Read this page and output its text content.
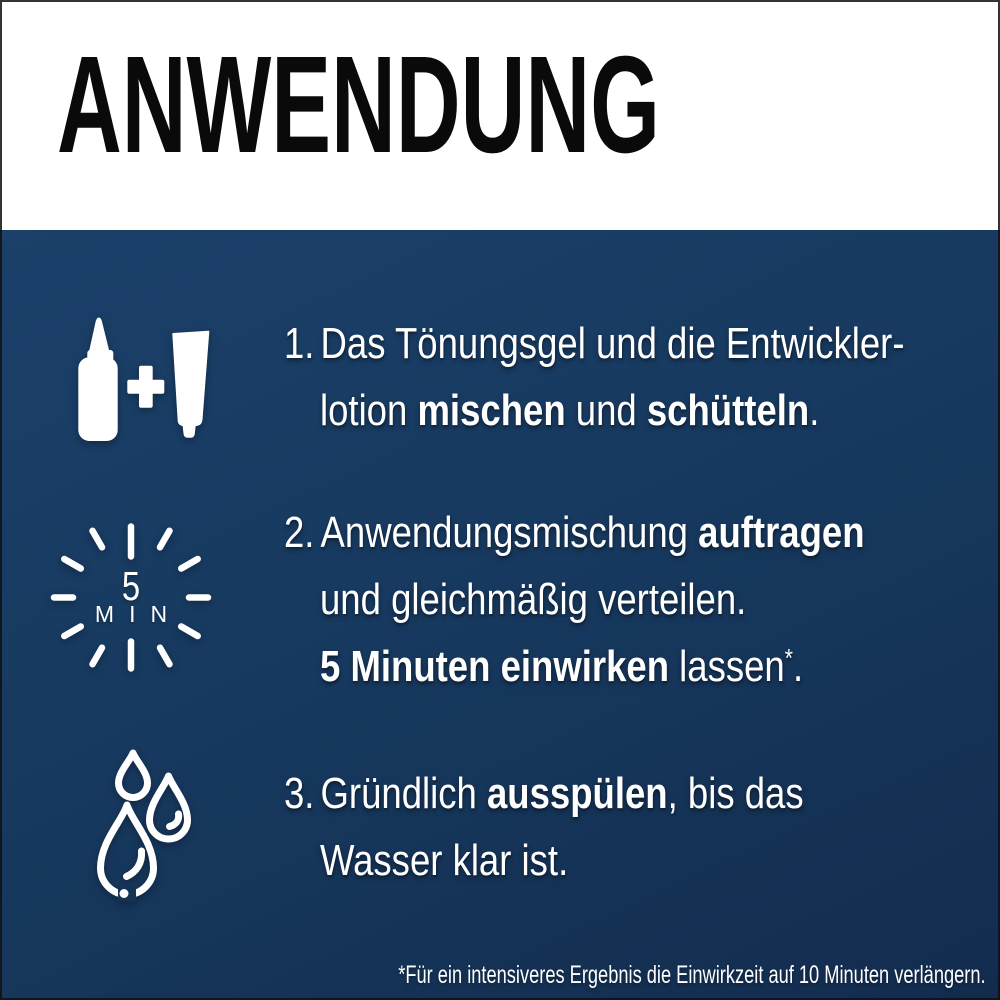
ANWENDUNG
5
MIN
1. Das Tönungsgel und die Entwickler-
lotion mischen und schütteln.
2. Anwendungsmischung auftragen
und gleichmäßig verteilen.
5 Minuten einwirken lassen*.
3. Gründlich ausspülen, bis das
Wasser klar ist.
*Für ein intensiveres Ergebnis die Einwirkzeit auf 10 Minuten verlängern.
